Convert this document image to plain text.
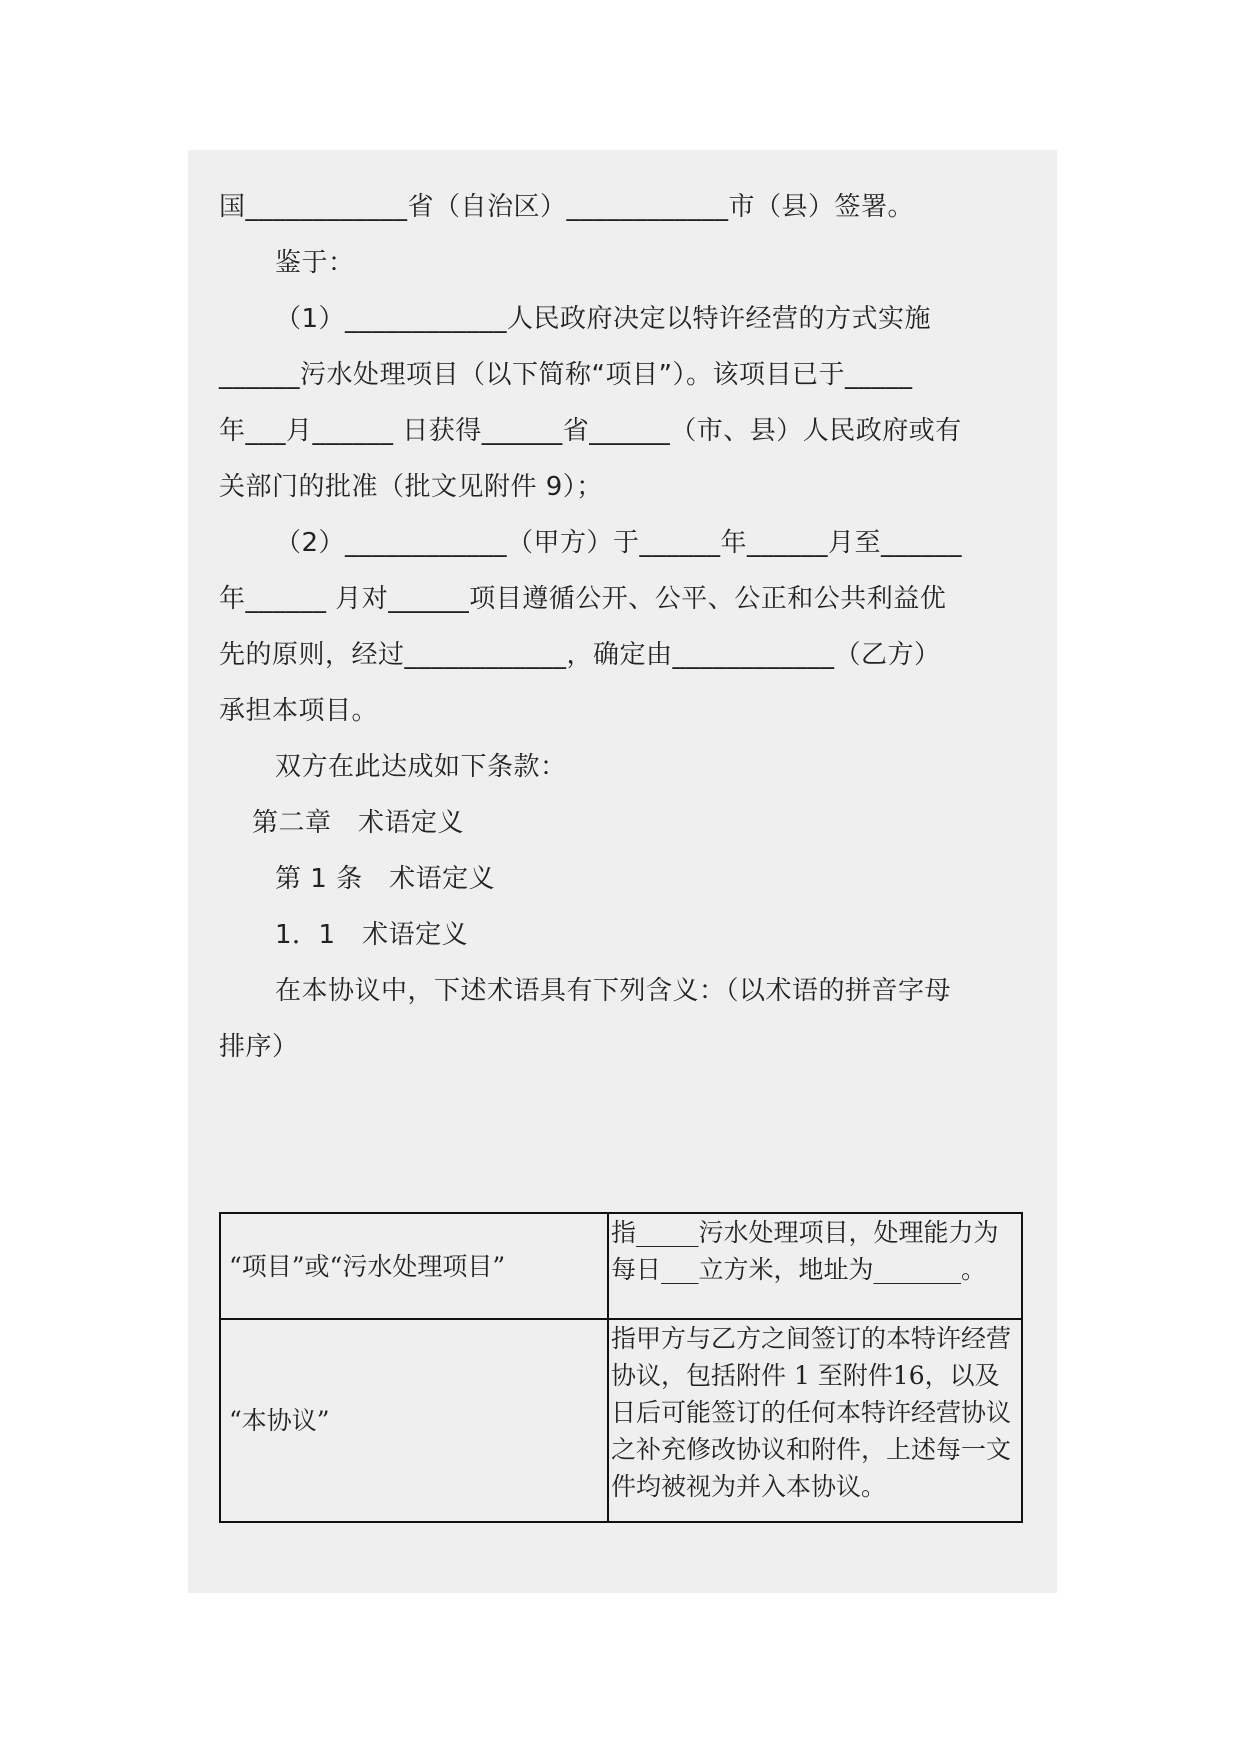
国____________省（自治区）____________市（县）签署。
鉴于：
（1）____________人民政府决定以特许经营的方式实施
______污水处理项目（以下简称“项目”）。该项目已于_____
年___月______ 日获得______省______（市、县）人民政府或有
关部门的批准（批文见附件 9）；
（2）____________（甲方）于______年______月至______
年______ 月对______项目遵循公开、公平、公正和公共利益优
先的原则，经过____________，确定由____________（乙方）
承担本项目。
双方在此达成如下条款：
第二章　术语定义
第 1 条　术语定义
1．1　术语定义
在本协议中，下述术语具有下列含义：（以术语的拼音字母
排序）
“项目”或“污水处理项目”	指_____污水处理项目，处理能力为每日___立方米，地址为_______。
“本协议”	指甲方与乙方之间签订的本特许经营协议，包括附件 1 至附件16，以及日后可能签订的任何本特许经营协议之补充修改协议和附件，上述每一文件均被视为并入本协议。
